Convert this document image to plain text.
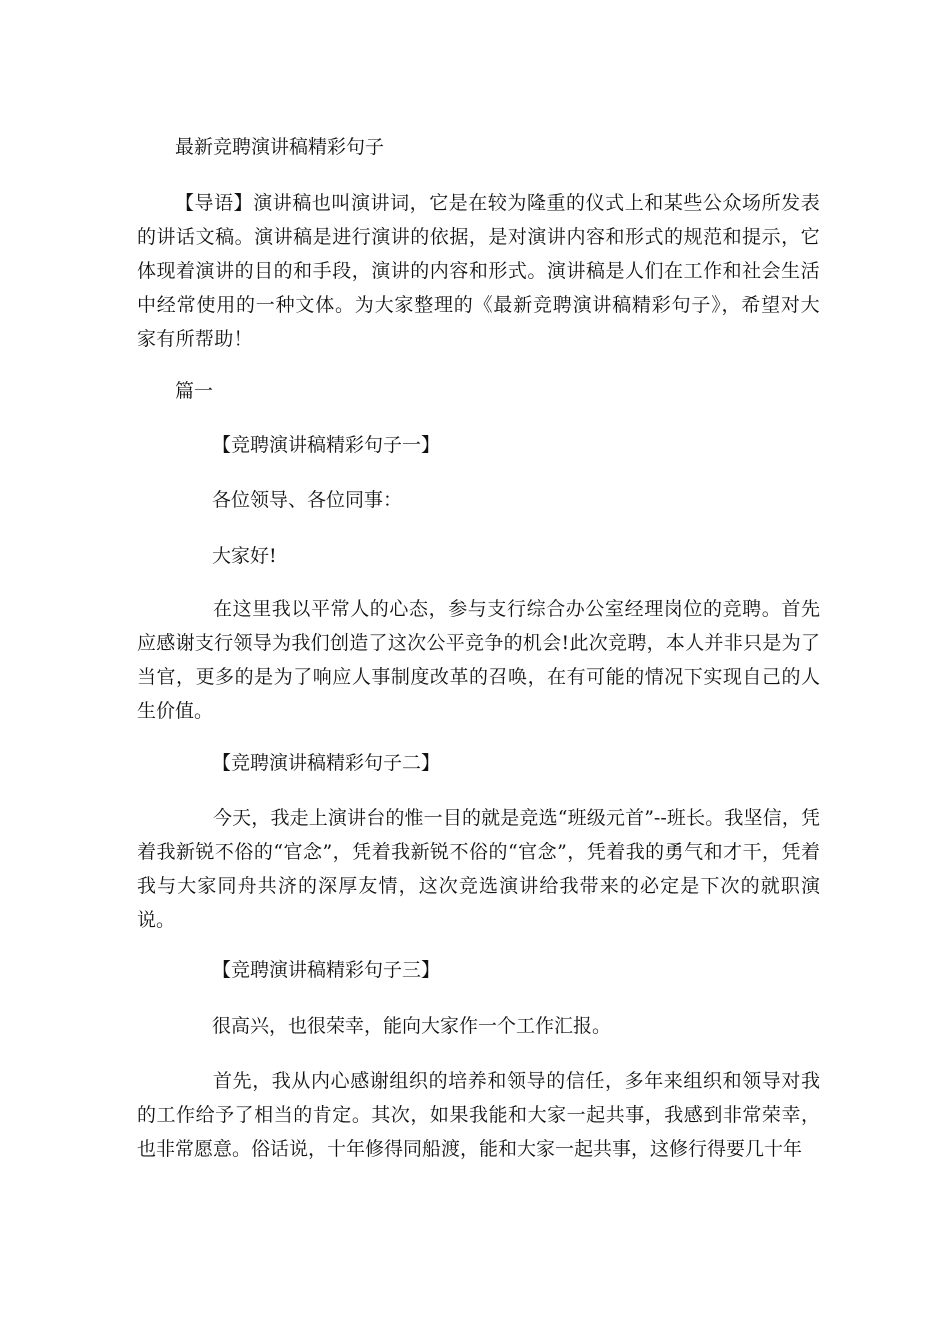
最新竞聘演讲稿精彩句子
【导语】演讲稿也叫演讲词，它是在较为隆重的仪式上和某些公众场所发表的讲话文稿。演讲稿是进行演讲的依据，是对演讲内容和形式的规范和提示，它体现着演讲的目的和手段，演讲的内容和形式。演讲稿是人们在工作和社会生活中经常使用的一种文体。为大家整理的《最新竞聘演讲稿精彩句子》，希望对大家有所帮助！
篇一
【竞聘演讲稿精彩句子一】
各位领导、各位同事：
大家好!
在这里我以平常人的心态，参与支行综合办公室经理岗位的竞聘。首先应感谢支行领导为我们创造了这次公平竞争的机会!此次竞聘，本人并非只是为了当官，更多的是为了响应人事制度改革的召唤，在有可能的情况下实现自己的人生价值。
【竞聘演讲稿精彩句子二】
今天，我走上演讲台的惟一目的就是竞选“班级元首”--班长。我坚信，凭着我新锐不俗的“官念”，凭着我新锐不俗的“官念”，凭着我的勇气和才干，凭着我与大家同舟共济的深厚友情，这次竞选演讲给我带来的必定是下次的就职演说。
【竞聘演讲稿精彩句子三】
很高兴，也很荣幸，能向大家作一个工作汇报。
首先，我从内心感谢组织的培养和领导的信任，多年来组织和领导对我的工作给予了相当的肯定。其次，如果我能和大家一起共事，我感到非常荣幸，也非常愿意。俗话说，十年修得同船渡，能和大家一起共事，这修行得要几十年
